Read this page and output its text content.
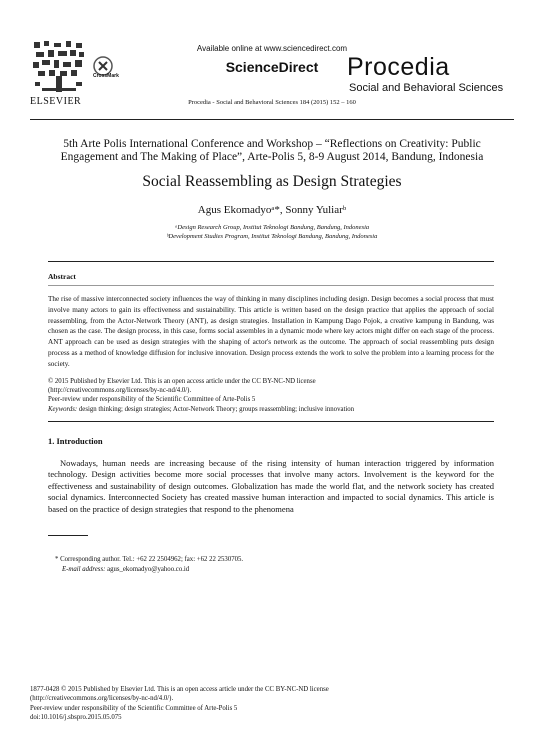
ELSEVIER
CrossMark
Available online at www.sciencedirect.com
ScienceDirect	Procedia
Social and Behavioral Sciences
Procedia - Social and Behavioral Sciences 184 (2015) 152 – 160
5th Arte Polis International Conference and Workshop – “Reflections on Creativity: Public Engagement and The Making of Place”, Arte-Polis 5, 8-9 August 2014, Bandung, Indonesia
Social Reassembling as Design Strategies
Agus Ekomadyoᵃ*, Sonny Yuliarᵇ
ᵃDesign Research Group, Institut Teknologi Bandung, Bandung, Indonesia
ᵇDevelopment Studies Program, Institut Teknologi Bandung, Bandung, Indonesia
Abstract
The rise of massive interconnected society influences the way of thinking in many disciplines including design. Design becomes a social process that must involve many actors to gain its effectiveness and sustainability. This article is written based on the design practice that applies the approach of social reassembling, from the Actor-Network Theory (ANT), as design strategies. Installation in Kampung Dago Pojok, a creative kampung in Bandung, was chosen as the case. The design process, in this case, forms social assembles in a dynamic mode where key actors might differ on each stage of the process. ANT approach can be used as design strategies with the shaping of actor's network as the outcome. The approach of social reassembling puts design process as a method of knowledge diffusion for inclusive innovation. Design process extends the work to solve the problem into a learning process for the society.
© 2015 Published by Elsevier Ltd. This is an open access article under the CC BY-NC-ND license
(http://creativecommons.org/licenses/by-nc-nd/4.0/).
Peer-review under responsibility of the Scientific Committee of Arte-Polis 5
Keywords: design thinking; design strategies; Actor-Network Theory; groups reassembling; inclusive innovation
1. Introduction

Nowadays, human needs are increasing because of the rising intensity of human interaction triggered by information technology. Design activities become more social processes that involve many actors. Involvement is the keyword for the effectiveness and sustainability of design outcomes. Globalization has made the world flat, and the network society has created social dynamics. Interconnected Society has created massive human interaction and impacted to social dynamics. This article is based on the practice of design strategies that respond to the phenomena

* Corresponding author. Tel.: +62 22 2504962; fax: +62 22 2530705.
E-mail address: agus_ekomadyo@yahoo.co.id
1877-0428 © 2015 Published by Elsevier Ltd. This is an open access article under the CC BY-NC-ND license
(http://creativecommons.org/licenses/by-nc-nd/4.0/).
Peer-review under responsibility of the Scientific Committee of Arte-Polis 5
doi:10.1016/j.sbspro.2015.05.075
